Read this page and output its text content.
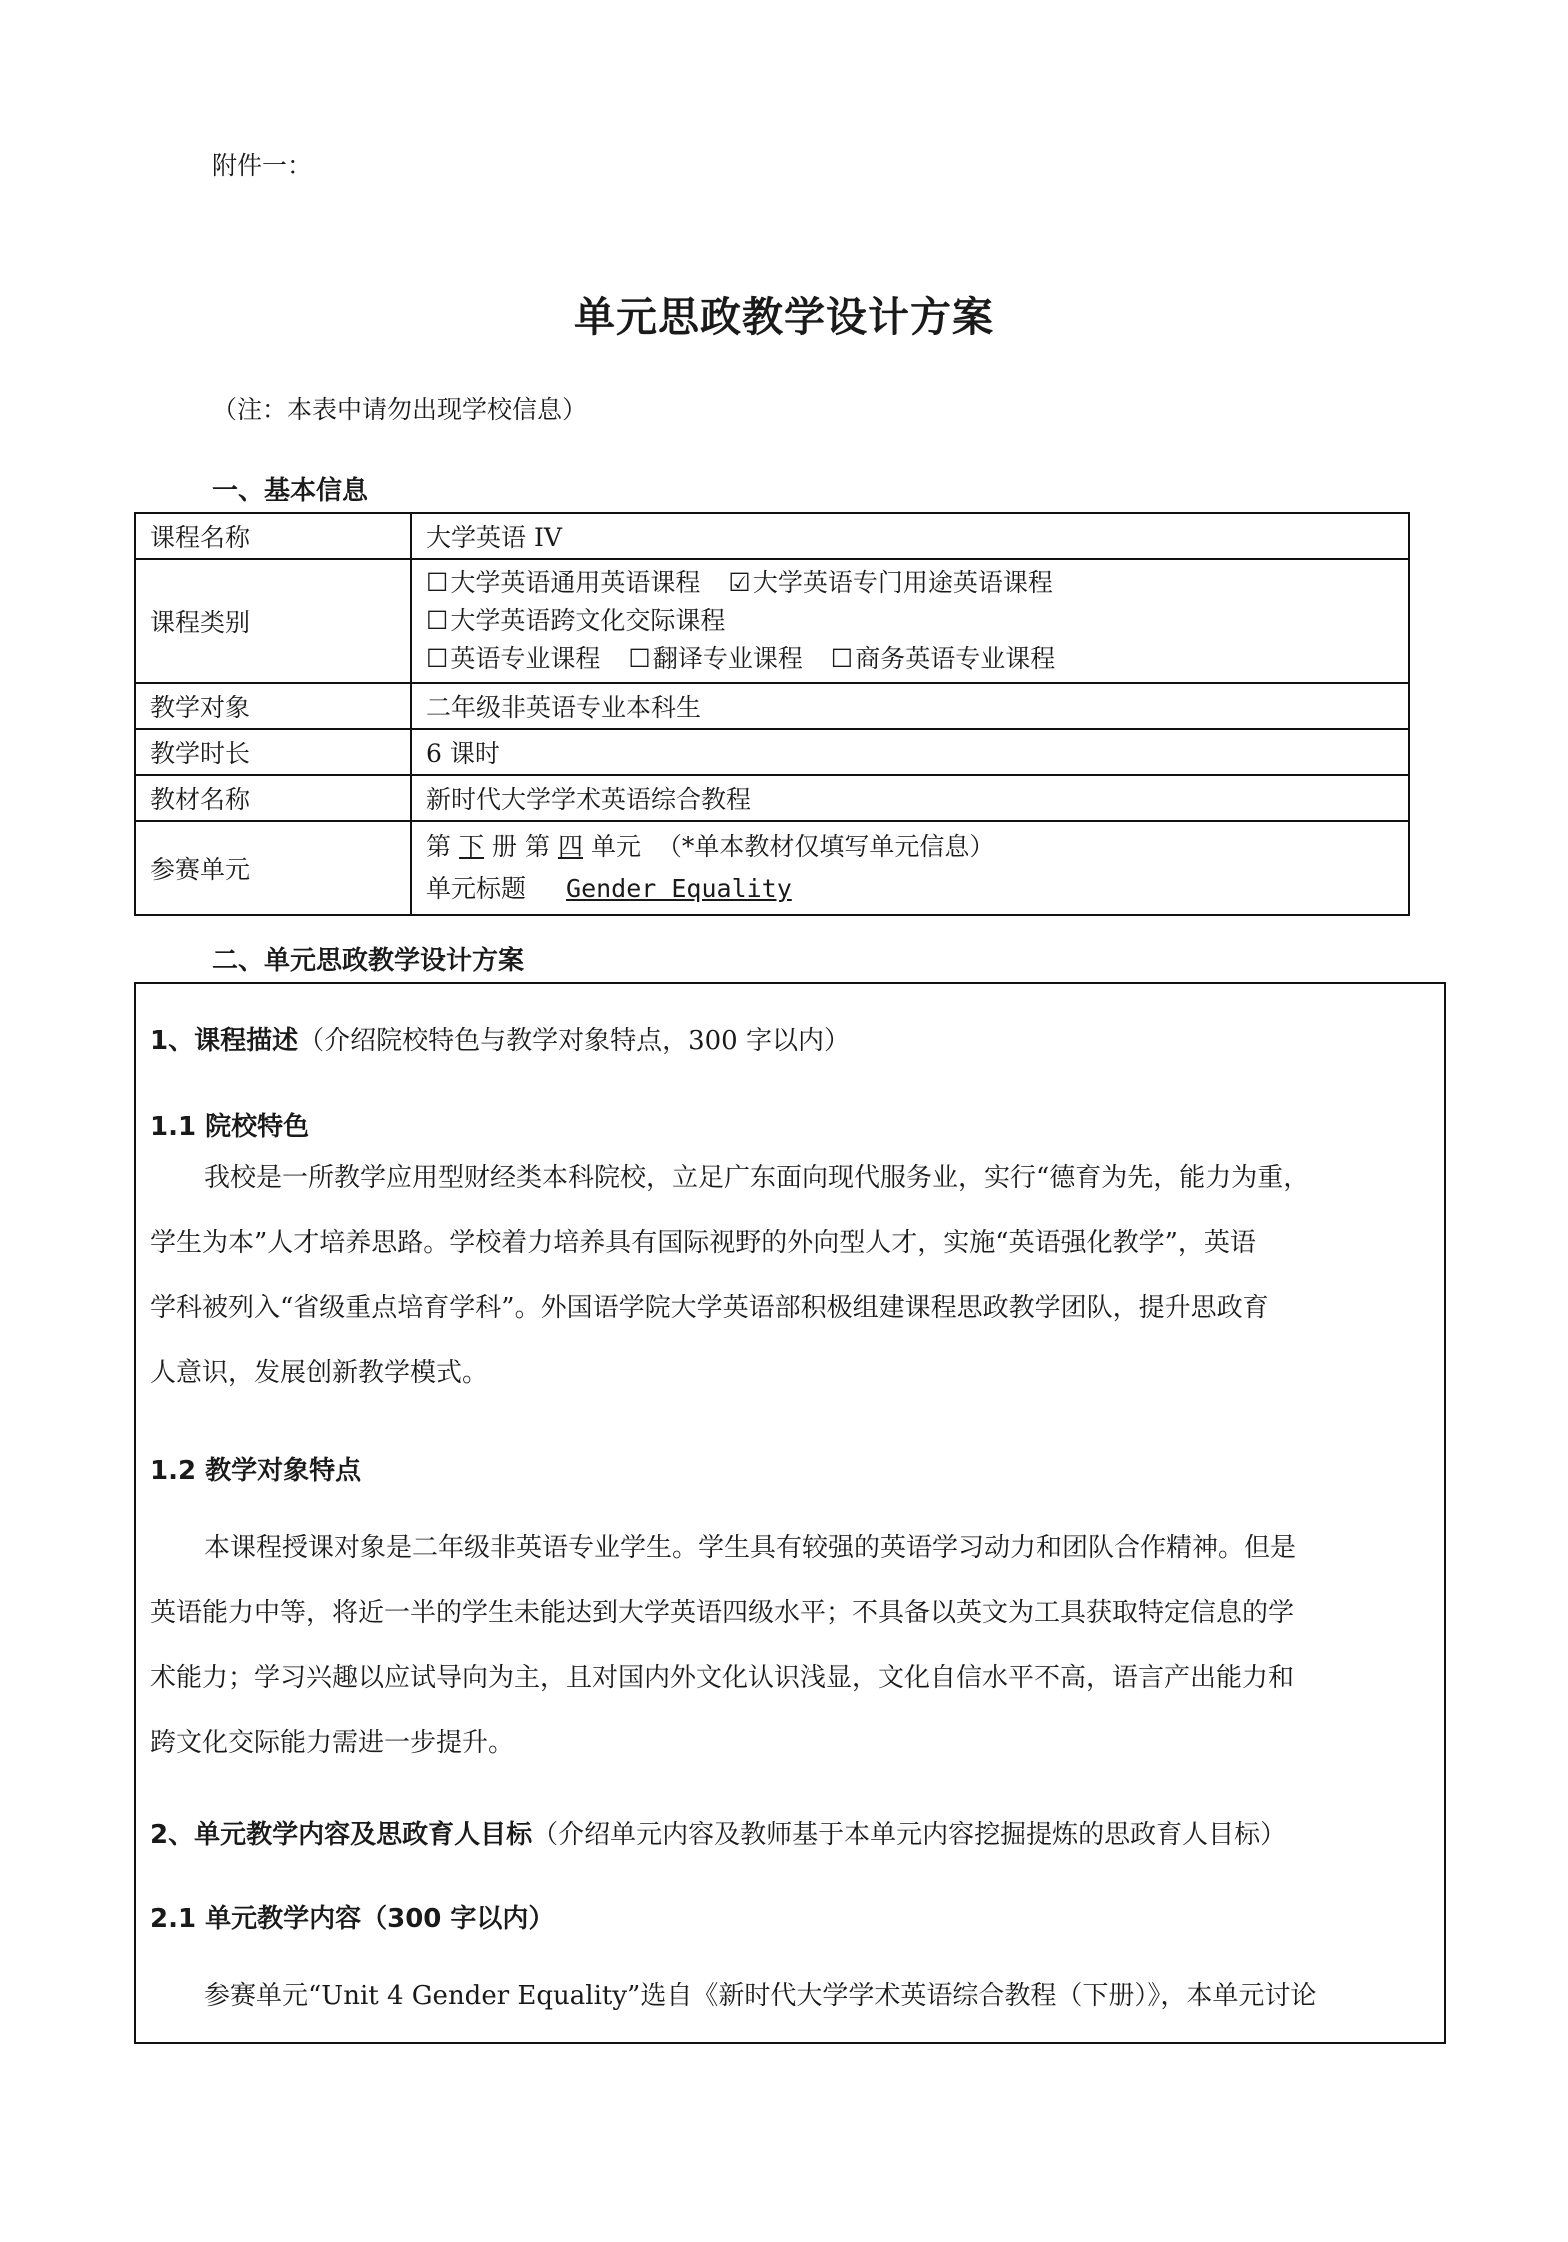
附件一：
单元思政教学设计方案
（注：本表中请勿出现学校信息）
一、基本信息
课程名称	大学英语 IV
课程类别	☐大学英语通用英语课程 ☑大学英语专门用途英语课程
☐大学英语跨文化交际课程
☐英语专业课程 ☐翻译专业课程 ☐商务英语专业课程

教学对象	二年级非英语专业本科生
教学时长	6 课时
教材名称	新时代大学学术英语综合教程
参赛单元	第 下 册 第 四 单元 （*单本教材仅填写单元信息）
单元标题 Gender Equality
二、单元思政教学设计方案
1、课程描述（介绍院校特色与教学对象特点，300 字以内）
1.1 院校特色
我校是一所教学应用型财经类本科院校，立足广东面向现代服务业，实行“德育为先，能力为重，
学生为本”人才培养思路。学校着力培养具有国际视野的外向型人才，实施“英语强化教学”，英语
学科被列入“省级重点培育学科”。外国语学院大学英语部积极组建课程思政教学团队，提升思政育
人意识，发展创新教学模式。
1.2 教学对象特点
本课程授课对象是二年级非英语专业学生。学生具有较强的英语学习动力和团队合作精神。但是
英语能力中等，将近一半的学生未能达到大学英语四级水平；不具备以英文为工具获取特定信息的学
术能力；学习兴趣以应试导向为主，且对国内外文化认识浅显，文化自信水平不高，语言产出能力和
跨文化交际能力需进一步提升。
2、单元教学内容及思政育人目标（介绍单元内容及教师基于本单元内容挖掘提炼的思政育人目标）
2.1 单元教学内容（300 字以内）
参赛单元“Unit 4 Gender Equality”选自《新时代大学学术英语综合教程（下册）》，本单元讨论
